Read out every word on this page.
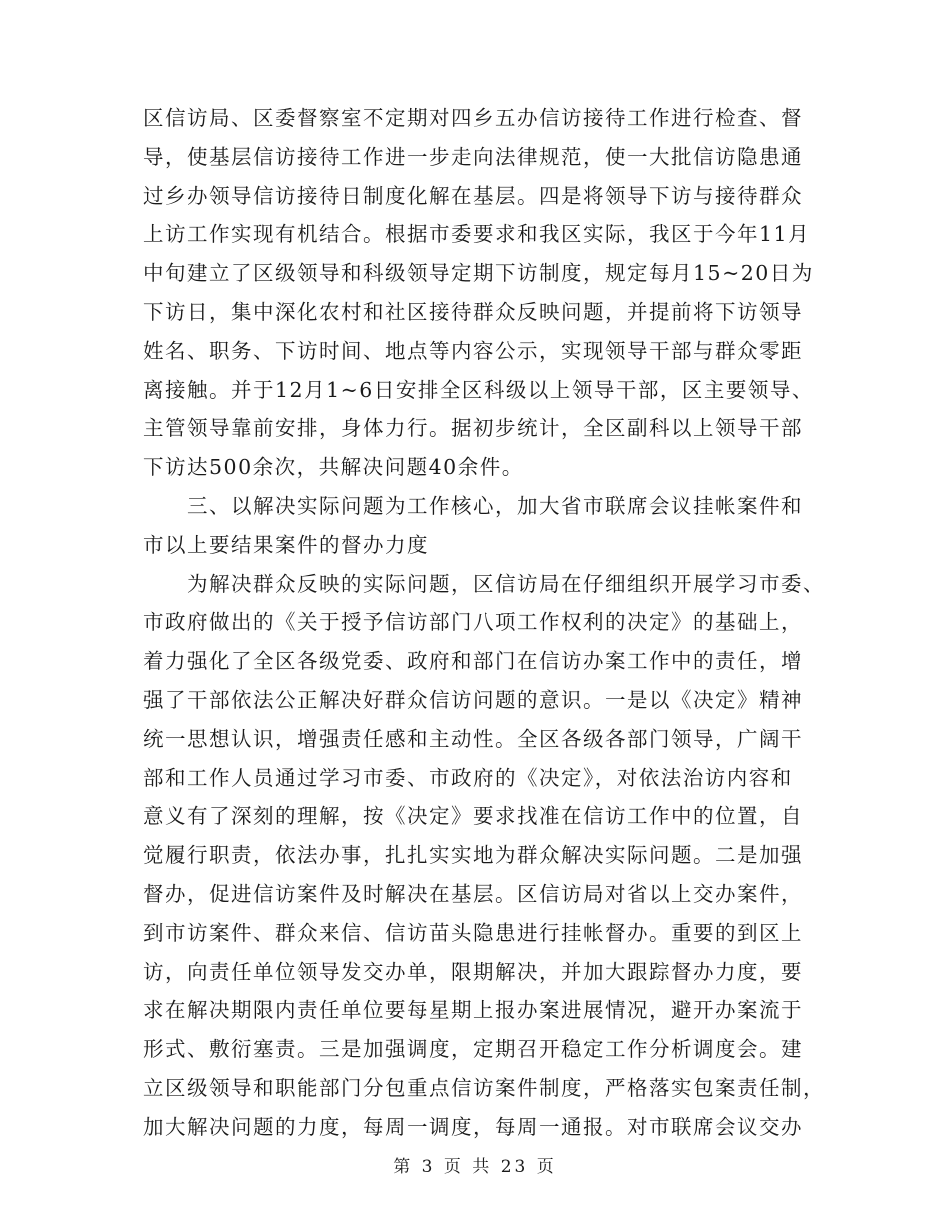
区信访局、区委督察室不定期对四乡五办信访接待工作进行检查、督
导，使基层信访接待工作进一步走向法律规范，使一大批信访隐患通
过乡办领导信访接待日制度化解在基层。四是将领导下访与接待群众
上访工作实现有机结合。根据市委要求和我区实际，我区于今年11月
中旬建立了区级领导和科级领导定期下访制度，规定每月15~20日为
下访日，集中深化农村和社区接待群众反映问题，并提前将下访领导
姓名、职务、下访时间、地点等内容公示，实现领导干部与群众零距
离接触。并于12月1~6日安排全区科级以上领导干部，区主要领导、
主管领导靠前安排，身体力行。据初步统计，全区副科以上领导干部
下访达500余次，共解决问题40余件。
三、以解决实际问题为工作核心，加大省市联席会议挂帐案件和
市以上要结果案件的督办力度
为解决群众反映的实际问题，区信访局在仔细组织开展学习市委、
市政府做出的《关于授予信访部门八项工作权利的决定》的基础上，
着力强化了全区各级党委、政府和部门在信访办案工作中的责任，增
强了干部依法公正解决好群众信访问题的意识。一是以《决定》精神
统一思想认识，增强责任感和主动性。全区各级各部门领导，广阔干
部和工作人员通过学习市委、市政府的《决定》，对依法治访内容和
意义有了深刻的理解，按《决定》要求找准在信访工作中的位置，自
觉履行职责，依法办事，扎扎实实地为群众解决实际问题。二是加强
督办，促进信访案件及时解决在基层。区信访局对省以上交办案件，
到市访案件、群众来信、信访苗头隐患进行挂帐督办。重要的到区上
访，向责任单位领导发交办单，限期解决，并加大跟踪督办力度，要
求在解决期限内责任单位要每星期上报办案进展情况，避开办案流于
形式、敷衍塞责。三是加强调度，定期召开稳定工作分析调度会。建
立区级领导和职能部门分包重点信访案件制度，严格落实包案责任制，
加大解决问题的力度，每周一调度，每周一通报。对市联席会议交办
第 3 页 共 23 页
